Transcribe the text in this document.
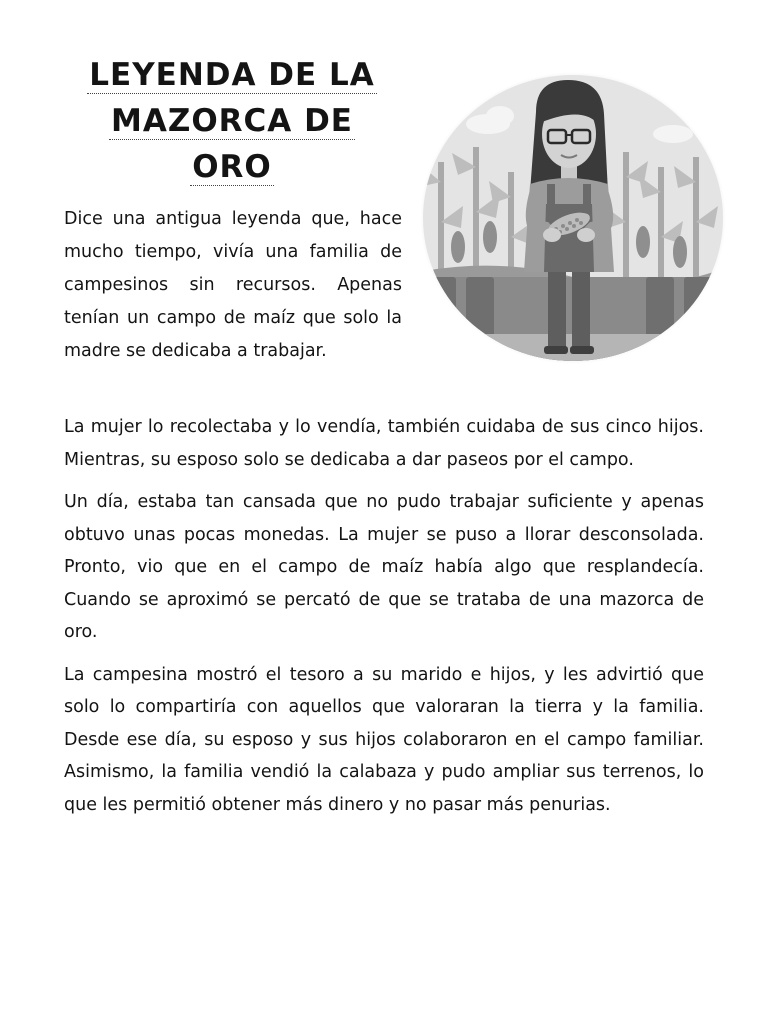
LEYENDA DE LA
MAZORCA DE
ORO

Dice una antigua leyenda que, hace mucho tiempo, vivía una familia de campesinos sin recursos. Apenas tenían un campo de maíz que solo la madre se dedicaba a trabajar.

La mujer lo recolectaba y lo vendía, también cuidaba de sus cinco hijos. Mientras, su esposo solo se dedicaba a dar paseos por el campo.

Un día, estaba tan cansada que no pudo trabajar suficiente y apenas obtuvo unas pocas monedas. La mujer se puso a llorar desconsolada. Pronto, vio que en el campo de maíz había algo que resplandecía. Cuando se aproximó se percató de que se trataba de una mazorca de oro.

La campesina mostró el tesoro a su marido e hijos, y les advirtió que solo lo compartiría con aquellos que valoraran la tierra y la familia. Desde ese día, su esposo y sus hijos colaboraron en el campo familiar. Asimismo, la familia vendió la calabaza y pudo ampliar sus terrenos, lo que les permitió obtener más dinero y no pasar más penurias.
